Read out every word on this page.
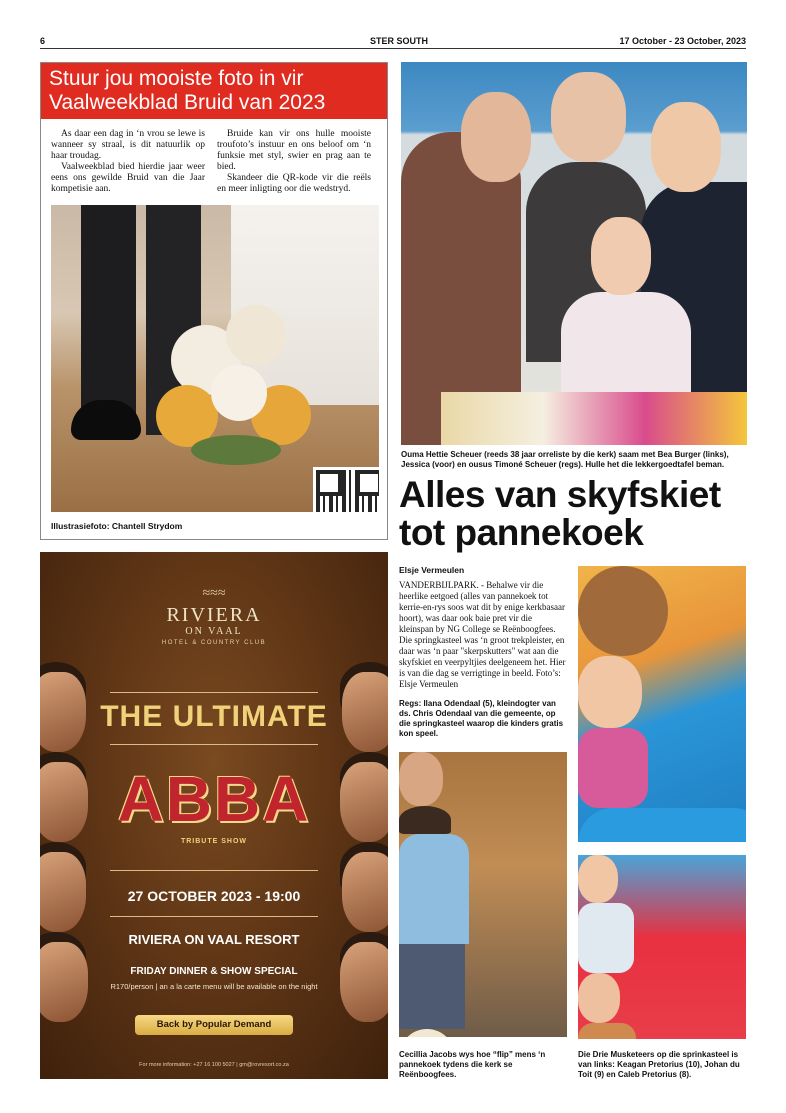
6	STER SOUTH	17 October - 23 October, 2023
Stuur jou mooiste foto in vir Vaalweekblad Bruid van 2023

As daar een dag in ‘n vrou se lewe is wanneer sy straal, is dit natuurlik op haar troudag.

Vaalweekblad bied hierdie jaar weer eens ons gewilde Bruid van die Jaar kompetisie aan.

Bruide kan vir ons hulle mooiste troufoto’s instuur en ons beloof om ‘n funksie met styl, swier en prag aan te bied.

Skandeer die QR-kode vir die reëls en meer inligting oor die wedstryd.

Illustrasiefoto: Chantell Strydom
≈≈≈
RIVIERA
ON VAAL
HOTEL & COUNTRY CLUB
THE ULTIMATE
ABBA
TRIBUTE SHOW
27 OCTOBER 2023 - 19:00
RIVIERA ON VAAL RESORT
FRIDAY DINNER & SHOW SPECIAL
R170/person | an a la carte menu will be available on the night
Back by Popular Demand
For more information: +27 16 100 5027 | gm@rovresort.co.za
Ouma Hettie Scheuer (reeds 38 jaar orreliste by die kerk) saam met Bea Burger (links), Jessica (voor) en ousus Timoné Scheuer (regs). Hulle het die lekkergoedtafel beman.
Alles van skyfskiet tot pannekoek
Elsje Vermeulen
VANDERBIJLPARK. - Behalwe vir die heerlike eetgoed (alles van pannekoek tot kerrie-en-rys soos wat dit by enige kerkbasaar hoort), was daar ook baie pret vir die kleinspan by NG College se Reënboogfees. Die springkasteel was ‘n groot trekpleister, en daar was ‘n paar "skerpskutters" wat aan die skyfskiet en veerpyltjies deelgeneem het. Hier is van die dag se verrigtinge in beeld. Foto’s: Elsje Vermeulen
Regs: Ilana Odendaal (5), kleindogter van ds. Chris Odendaal van die gemeente, op die springkasteel waarop die kinders gratis kon speel.
Cecillia Jacobs wys hoe “flip” mens ‘n pannekoek tydens die kerk se Reënboogfees.
Die Drie Musketeers op die sprinkasteel is van links: Keagan Pretorius (10), Johan du Toit (9) en Caleb Pretorius (8).
